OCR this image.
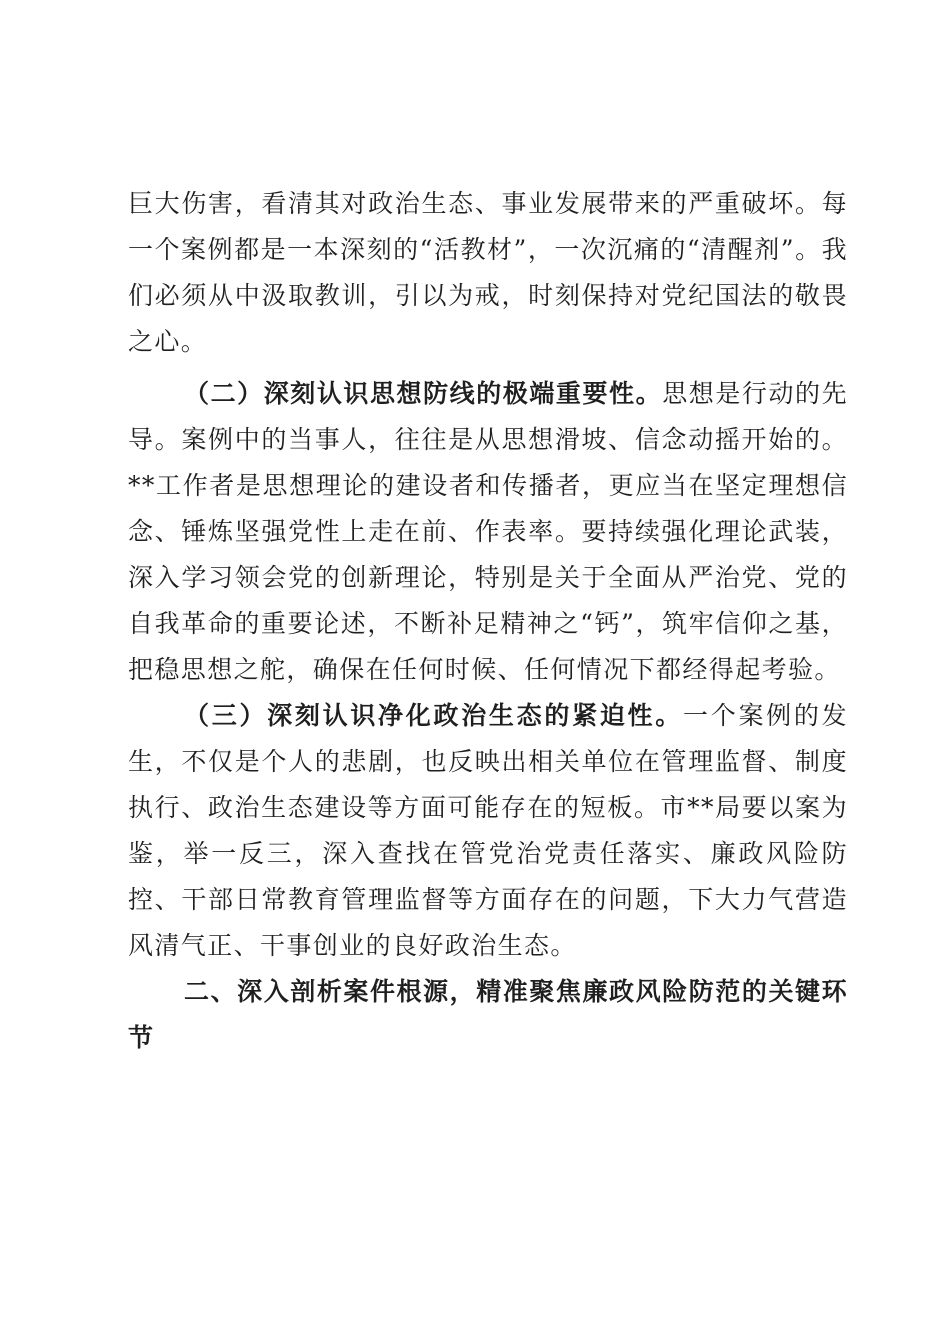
巨大伤害，看清其对政治生态、事业发展带来的严重破坏。每一个案例都是一本深刻的“活教材”，一次沉痛的“清醒剂”。我们必须从中汲取教训，引以为戒，时刻保持对党纪国法的敬畏之心。

（二）深刻认识思想防线的极端重要性。思想是行动的先导。案例中的当事人，往往是从思想滑坡、信念动摇开始的。**工作者是思想理论的建设者和传播者，更应当在坚定理想信念、锤炼坚强党性上走在前、作表率。要持续强化理论武装，深入学习领会党的创新理论，特别是关于全面从严治党、党的自我革命的重要论述，不断补足精神之“钙”，筑牢信仰之基，把稳思想之舵，确保在任何时候、任何情况下都经得起考验。

（三）深刻认识净化政治生态的紧迫性。一个案例的发生，不仅是个人的悲剧，也反映出相关单位在管理监督、制度执行、政治生态建设等方面可能存在的短板。市**局要以案为鉴，举一反三，深入查找在管党治党责任落实、廉政风险防控、干部日常教育管理监督等方面存在的问题，下大力气营造风清气正、干事创业的良好政治生态。

二、深入剖析案件根源，精准聚焦廉政风险防范的关键环节
